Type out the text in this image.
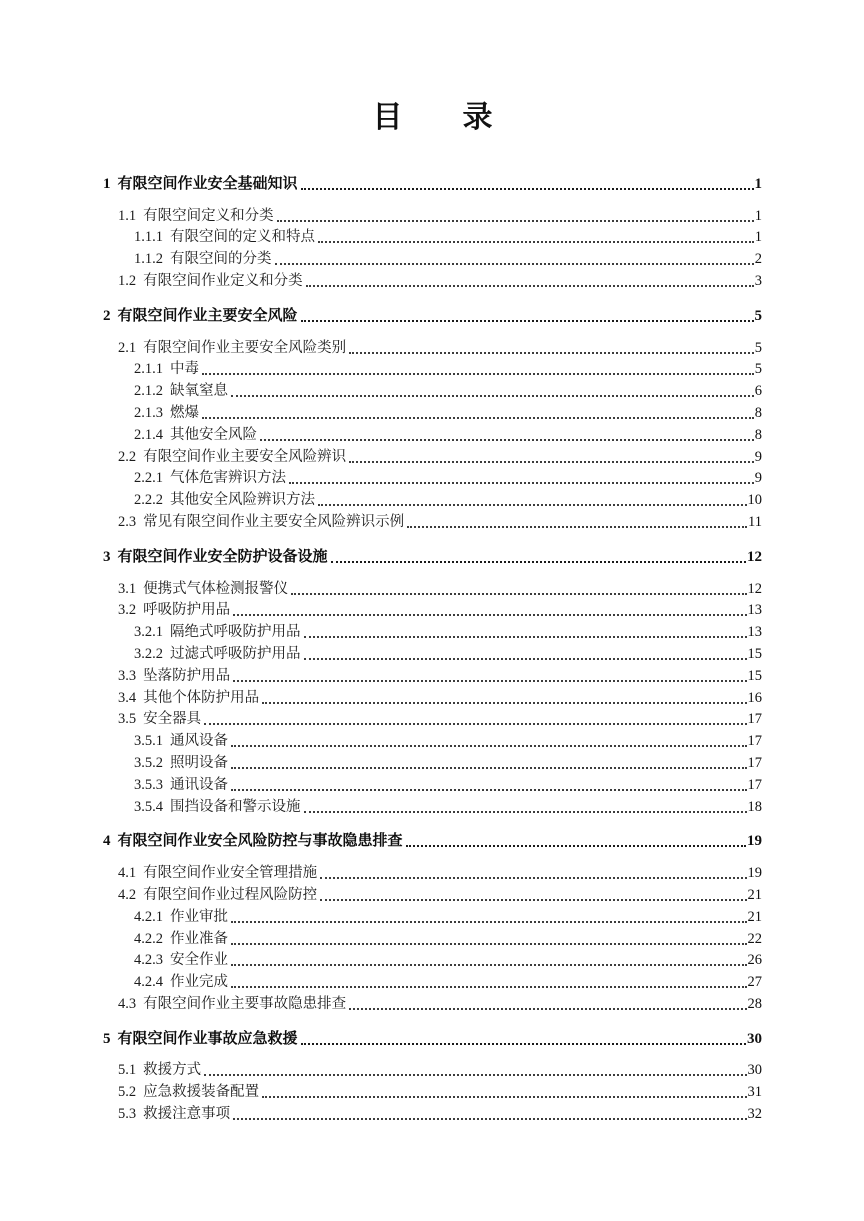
目　　录
1 有限空间作业安全基础知识	1
1.1 有限空间定义和分类	1
1.1.1 有限空间的定义和特点	1
1.1.2 有限空间的分类	2
1.2 有限空间作业定义和分类	3
2 有限空间作业主要安全风险	5
2.1 有限空间作业主要安全风险类别	5
2.1.1 中毒	5
2.1.2 缺氧窒息	6
2.1.3 燃爆	8
2.1.4 其他安全风险	8
2.2 有限空间作业主要安全风险辨识	9
2.2.1 气体危害辨识方法	9
2.2.2 其他安全风险辨识方法	10
2.3 常见有限空间作业主要安全风险辨识示例	11
3 有限空间作业安全防护设备设施	12
3.1 便携式气体检测报警仪	12
3.2 呼吸防护用品	13
3.2.1 隔绝式呼吸防护用品	13
3.2.2 过滤式呼吸防护用品	15
3.3 坠落防护用品	15
3.4 其他个体防护用品	16
3.5 安全器具	17
3.5.1 通风设备	17
3.5.2 照明设备	17
3.5.3 通讯设备	17
3.5.4 围挡设备和警示设施	18
4 有限空间作业安全风险防控与事故隐患排查	19
4.1 有限空间作业安全管理措施	19
4.2 有限空间作业过程风险防控	21
4.2.1 作业审批	21
4.2.2 作业准备	22
4.2.3 安全作业	26
4.2.4 作业完成	27
4.3 有限空间作业主要事故隐患排查	28
5 有限空间作业事故应急救援	30
5.1 救援方式	30
5.2 应急救援装备配置	31
5.3 救援注意事项	32
